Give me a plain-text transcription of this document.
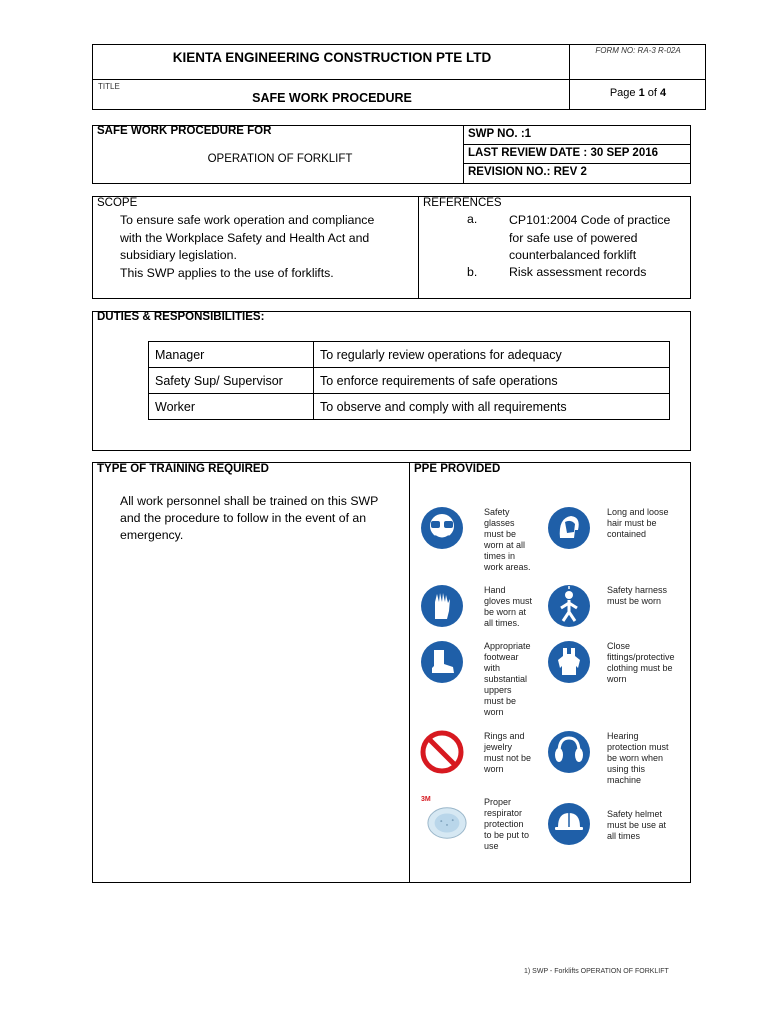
KIENTA ENGINEERING CONSTRUCTION PTE LTD	FORM NO: RA-3 R-02A
TITLE
SAFE WORK PROCEDURE	Page 1 of 4
SAFE WORK PROCEDURE FOR
OPERATION OF FORKLIFT
SWP NO. :1
LAST REVIEW DATE : 30 SEP 2016
REVISION NO.: REV 2
SCOPE
To ensure safe work operation and compliance
with the Workplace Safety and Health Act and
subsidiary legislation.
This SWP applies to the use of forklifts.
REFERENCES
a.	CP101:2004 Code of practice
for safe use of powered
counterbalanced forklift
b.	Risk assessment records
DUTIES & RESPONSIBILITIES:
Manager	To regularly review operations for adequacy
Safety Sup/ Supervisor	To enforce requirements of safe operations
Worker	To observe and comply with all requirements
TYPE OF TRAINING REQUIRED
All work personnel shall be trained on this SWP
and the procedure to follow in the event of an
emergency.
PPE PROVIDED
Safety
glasses
must be
worn at all
times in
work areas.
Hand
gloves must
be worn at
all times.
Appropriate
footwear
with
substantial
uppers
must be
worn
Rings and
jewelry
must not be
worn
3M	Proper
respirator
protection
to be put to
use
Long and loose
hair must be
contained
Safety harness
must be worn
Close
fittings/protective
clothing must be
worn
Hearing
protection must
be worn when
using this
machine
Safety helmet
must be use at
all times
1) SWP - Forklifts OPERATION OF FORKLIFT
